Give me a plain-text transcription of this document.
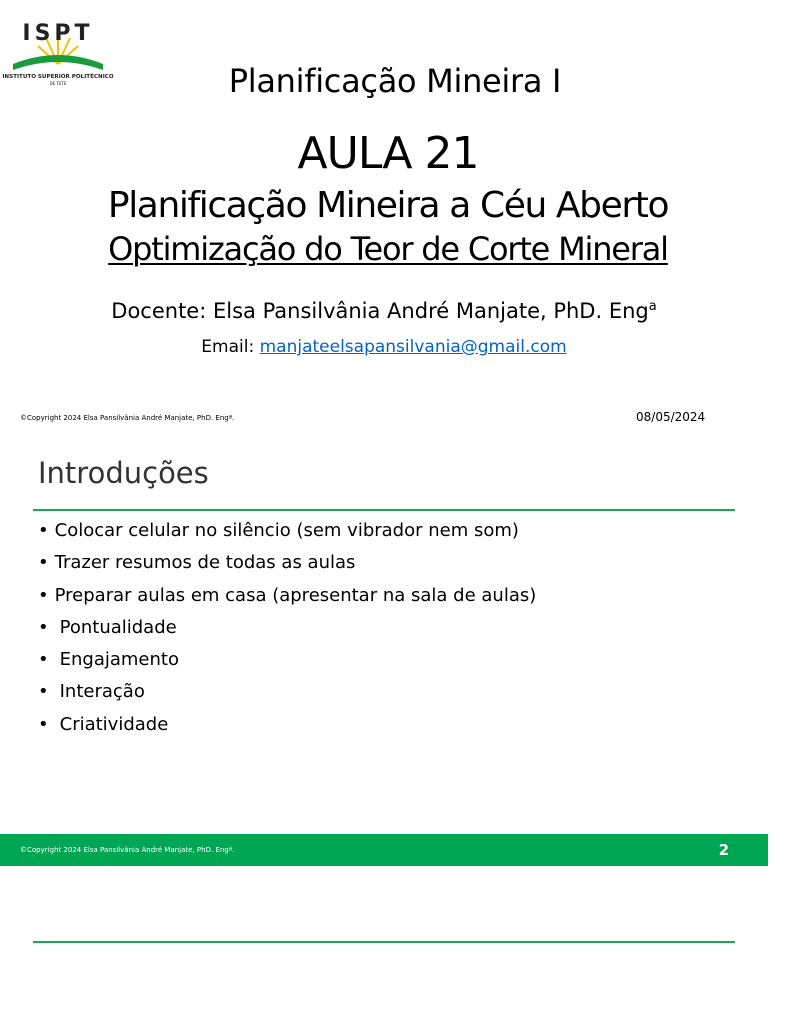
ISPT
INSTITUTO SUPERIOR POLITÉCNICO
DE TETE	Planificação Mineira I
AULA 21
Planificação Mineira a Céu Aberto
Optimização do Teor de Corte Mineral
Docente: Elsa Pansilvânia André Manjate, PhD. Eng$^a$
Email: manjateelsapansilvania@gmail.com
©Copyright 2024 Elsa Pansilvânia André Manjate, PhD. Engª.	08/05/2024
Introduções
• Colocar celular no silêncio (sem vibrador nem som)
• Trazer resumos de todas as aulas
• Preparar aulas em casa (apresentar na sala de aulas)
• Pontualidade
• Engajamento
• Interação
• Criatividade
©Copyright 2024 Elsa Pansilvânia André Manjate, PhD. Engª.	2
